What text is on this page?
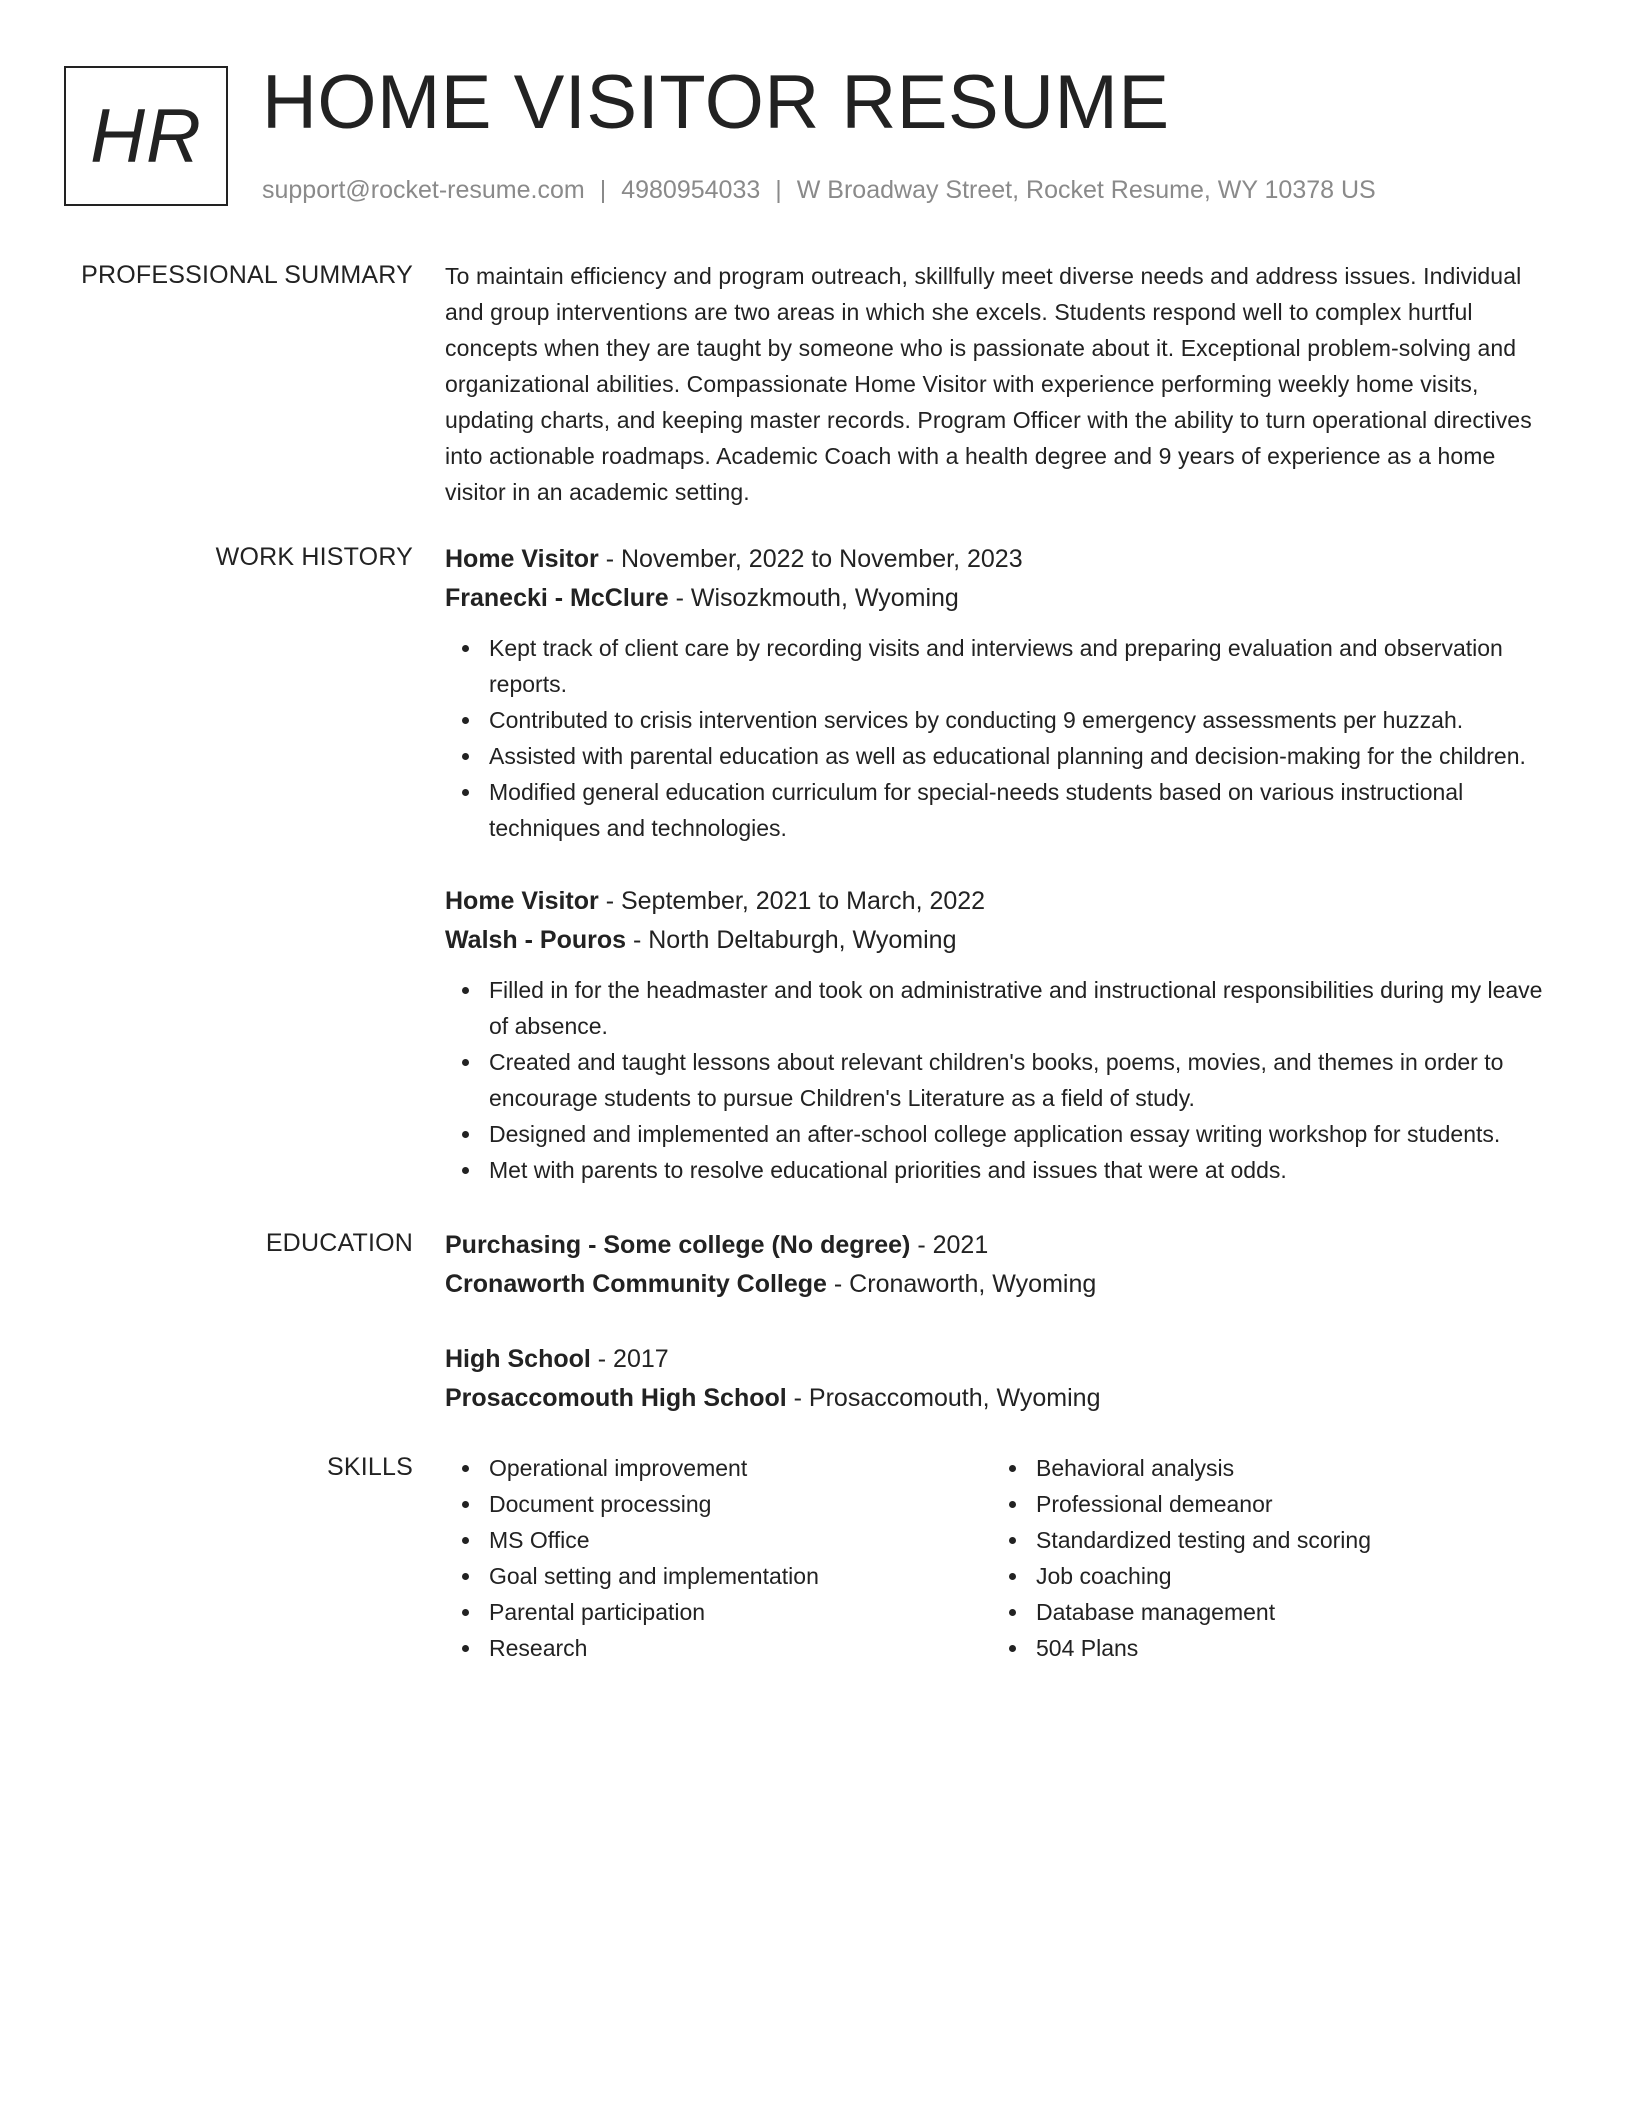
HR HOME VISITOR RESUME
support@rocket-resume.com | 4980954033 | W Broadway Street, Rocket Resume, WY 10378 US
PROFESSIONAL SUMMARY To maintain efficiency and program outreach, skillfully meet diverse needs and address issues. Individual and group interventions are two areas in which she excels. Students respond well to complex hurtful concepts when they are taught by someone who is passionate about it. Exceptional problem-solving and organizational abilities. Compassionate Home Visitor with experience performing weekly home visits, updating charts, and keeping master records. Program Officer with the ability to turn operational directives into actionable roadmaps. Academic Coach with a health degree and 9 years of experience as a home visitor in an academic setting.

WORK HISTORY Home Visitor - November, 2022 to November, 2023
Franecki - McClure - Wisozkmouth, Wyoming
Kept track of client care by recording visits and interviews and preparing evaluation and observation reports.
Contributed to crisis intervention services by conducting 9 emergency assessments per huzzah.
Assisted with parental education as well as educational planning and decision-making for the children.
Modified general education curriculum for special-needs students based on various instructional techniques and technologies.
Home Visitor - September, 2021 to March, 2022
Walsh - Pouros - North Deltaburgh, Wyoming
Filled in for the headmaster and took on administrative and instructional responsibilities during my leave of absence.
Created and taught lessons about relevant children's books, poems, movies, and themes in order to encourage students to pursue Children's Literature as a field of study.
Designed and implemented an after-school college application essay writing workshop for students.
Met with parents to resolve educational priorities and issues that were at odds.
EDUCATION Purchasing - Some college (No degree) - 2021
Cronaworth Community College - Cronaworth, Wyoming
High School - 2017
Prosaccomouth High School - Prosaccomouth, Wyoming
SKILLS	Operational improvement
Document processing
MS Office
Goal setting and implementation
Parental participation
Research
Behavioral analysis
Professional demeanor
Standardized testing and scoring
Job coaching
Database management
504 Plans
